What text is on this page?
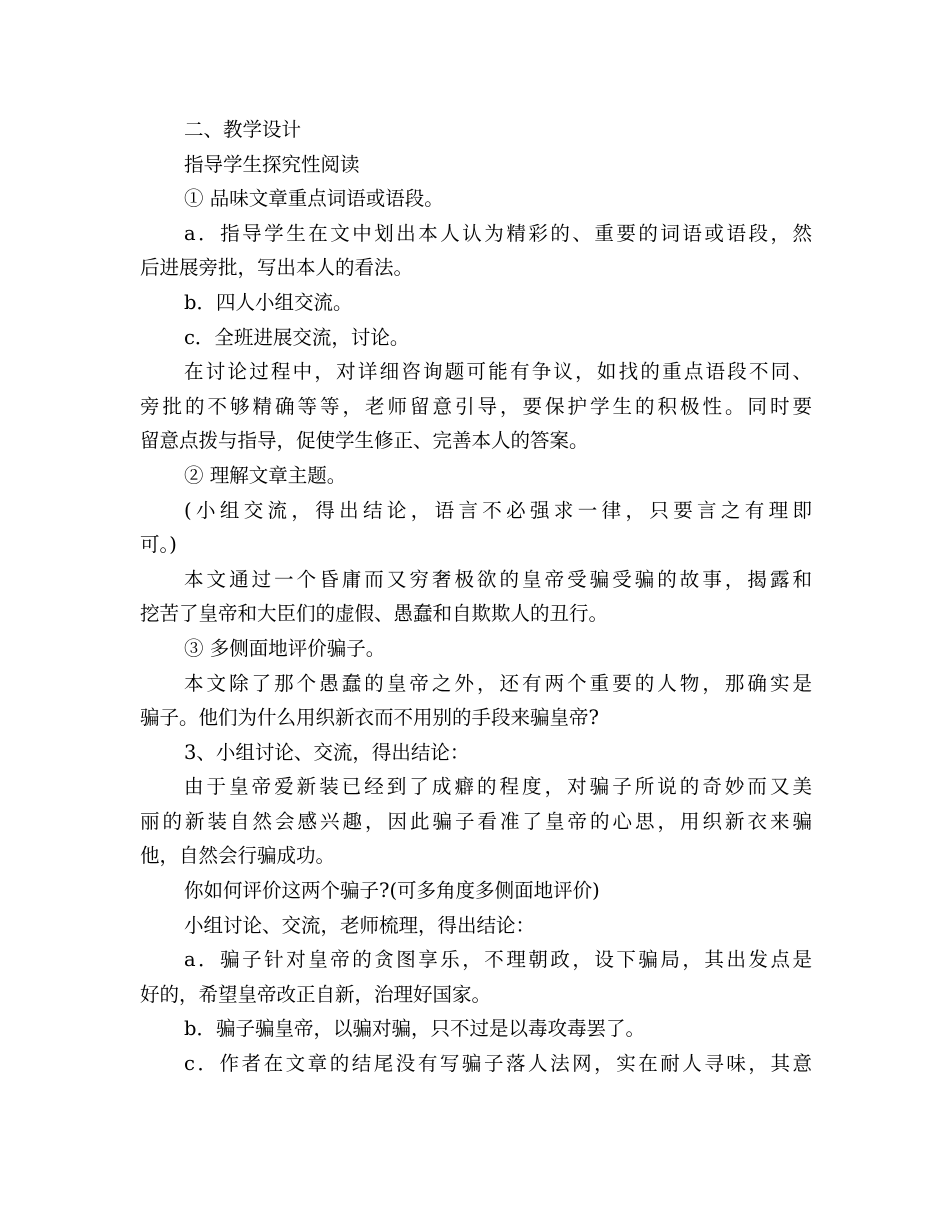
二、教学设计
指导学生探究性阅读
① 品味文章重点词语或语段。
a．指导学生在文中划出本人认为精彩的、重要的词语或语段，然
后进展旁批，写出本人的看法。
b．四人小组交流。
c．全班进展交流，讨论。
在讨论过程中，对详细咨询题可能有争议，如找的重点语段不同、
旁批的不够精确等等，老师留意引导，要保护学生的积极性。同时要
留意点拨与指导，促使学生修正、完善本人的答案。
② 理解文章主题。
(小组交流，得出结论，语言不必强求一律，只要言之有理即
可。)
本文通过一个昏庸而又穷奢极欲的皇帝受骗受骗的故事，揭露和
挖苦了皇帝和大臣们的虚假、愚蠢和自欺欺人的丑行。
③ 多侧面地评价骗子。
本文除了那个愚蠢的皇帝之外，还有两个重要的人物，那确实是
骗子。他们为什么用织新衣而不用别的手段来骗皇帝?
3、小组讨论、交流，得出结论：
由于皇帝爱新装已经到了成癖的程度，对骗子所说的奇妙而又美
丽的新装自然会感兴趣，因此骗子看准了皇帝的心思，用织新衣来骗
他，自然会行骗成功。
你如何评价这两个骗子?(可多角度多侧面地评价)
小组讨论、交流，老师梳理，得出结论：
a．骗子针对皇帝的贪图享乐，不理朝政，设下骗局，其出发点是
好的，希望皇帝改正自新，治理好国家。
b．骗子骗皇帝，以骗对骗，只不过是以毒攻毒罢了。
c．作者在文章的结尾没有写骗子落人法网，实在耐人寻味，其意
